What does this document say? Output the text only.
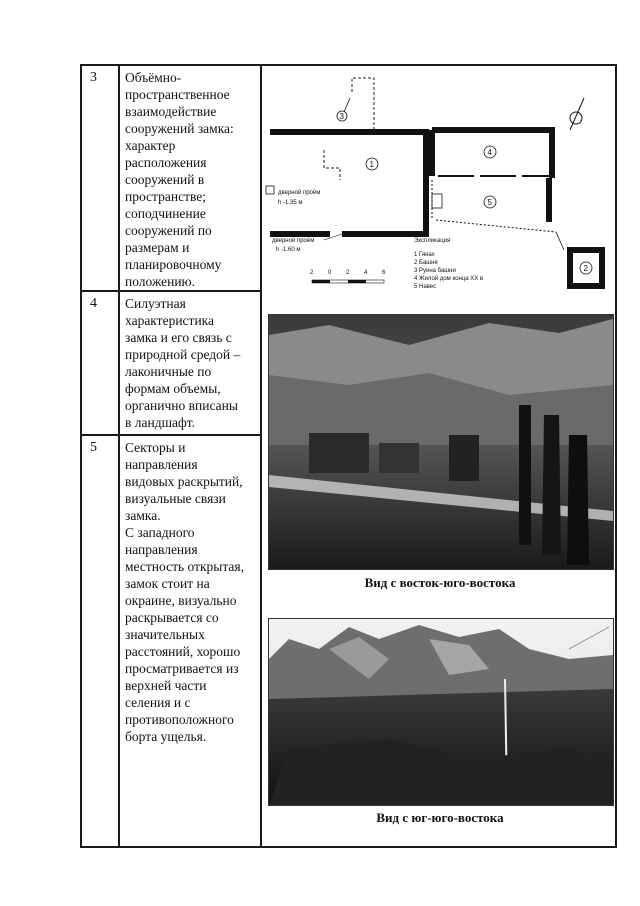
3 Объёмно-
пространственное
взаимодействие
сооружений замка:
характер
расположения
сооружений в
пространстве;
соподчинение
сооружений по
размерам и
планировочному
положению.
4 Силуэтная
характеристика
замка и его связь с
природной средой –
лаконичные по
формам объемы,
органично вписаны
в ландшафт.
5 Секторы и
направления
видовых раскрытий,
визуальные связи
замка.
С западного
направления
местность открытая,
замок стоит на
окраине, визуально
раскрывается со
значительных
расстояний, хорошо
просматривается из
верхней части
селения и с
противоположного
борта ущелья.
3
1
дверной проём
h -1.35 м
дверной проём
h -1.60 м
4
5
2
2 0 2 4 6
Экспликация
1 Гянах
2 Башня
3 Руина башни
4 Жилой дом конца XX в
5 Навес
Вид с восток-юго-востока
Вид с юг-юго-востока
